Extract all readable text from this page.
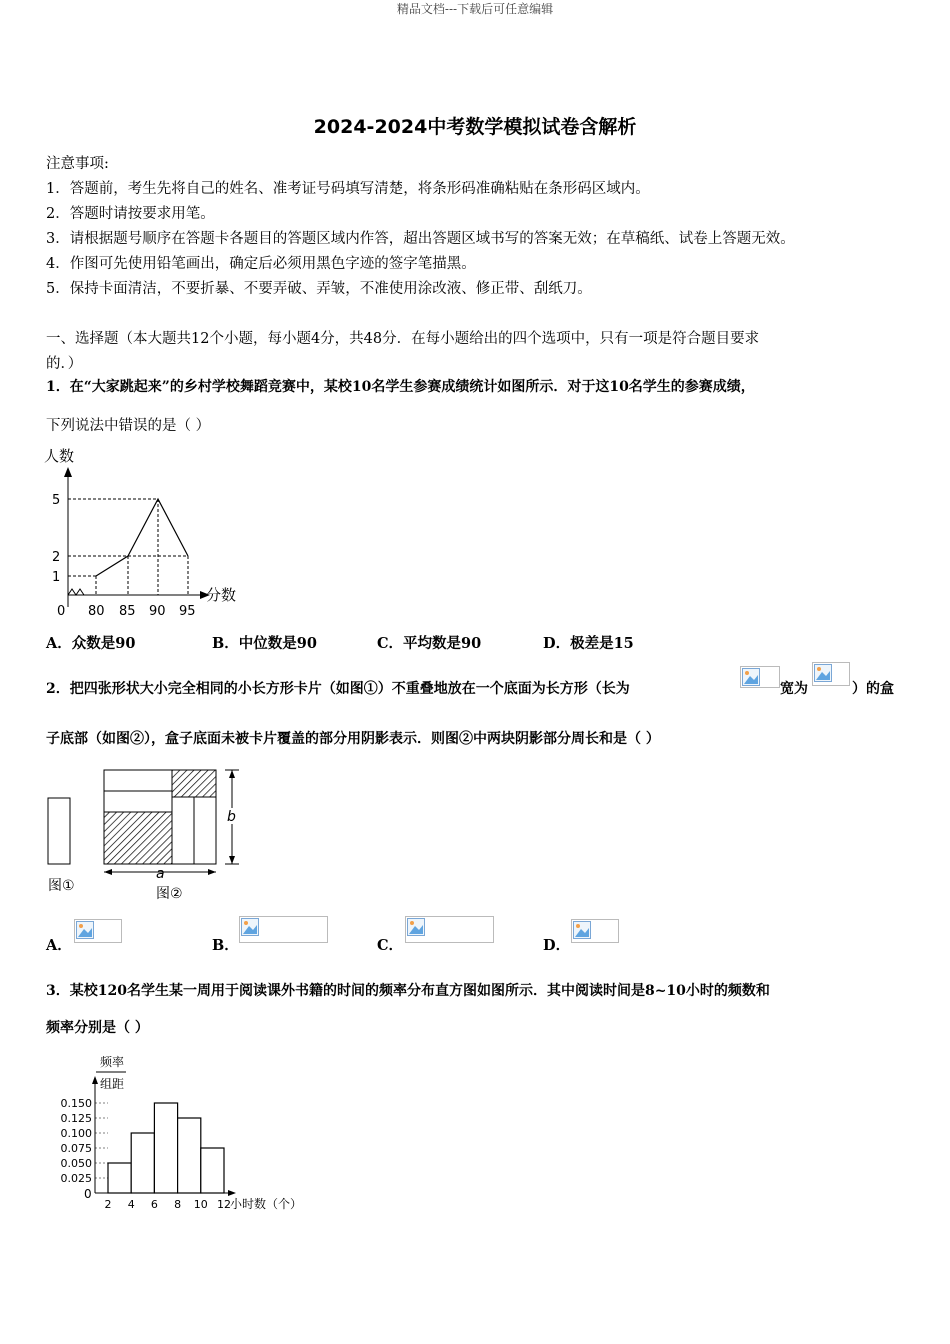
精品文档---下载后可任意编辑
2024-2024中考数学模拟试卷含解析
注意事项:
1．答题前，考生先将自己的姓名、准考证号码填写清楚，将条形码准确粘贴在条形码区域内。
2．答题时请按要求用笔。
3．请根据题号顺序在答题卡各题目的答题区域内作答，超出答题区域书写的答案无效；在草稿纸、试卷上答题无效。
4．作图可先使用铅笔画出，确定后必须用黑色字迹的签字笔描黑。
5．保持卡面清洁，不要折暴、不要弄破、弄皱，不准使用涂改液、修正带、刮纸刀。
一、选择题（本大题共12个小题，每小题4分，共48分．在每小题给出的四个选项中，只有一项是符合题目要求
的．）
1．在“大家跳起来”的乡村学校舞蹈竞赛中，某校10名学生参赛成绩统计如图所示．对于这10名学生的参赛成绩，
下列说法中错误的是（ ）
人数
分数
0
5
2
1
80 85 90 95
A．众数是90	B．中位数是90	C．平均数是90	D．极差是15
2．把四张形状大小完全相同的小长方形卡片（如图①）不重叠地放在一个底面为长方形（长为	宽为	）的盒
子底部（如图②），盒子底面未被卡片覆盖的部分用阴影表示．则图②中两块阴影部分周长和是（ ）
图①
a
b
图②
A．	B．	C．	D．
3．某校120名学生某一周用于阅读课外书籍的时间的频率分布直方图如图所示．其中阅读时间是8~10小时的频数和
频率分别是（ ）
频率
组距
0
小时数（个）
0.150
0.125
0.100
0.075
0.050
0.025
2 4 6 8 10 12
